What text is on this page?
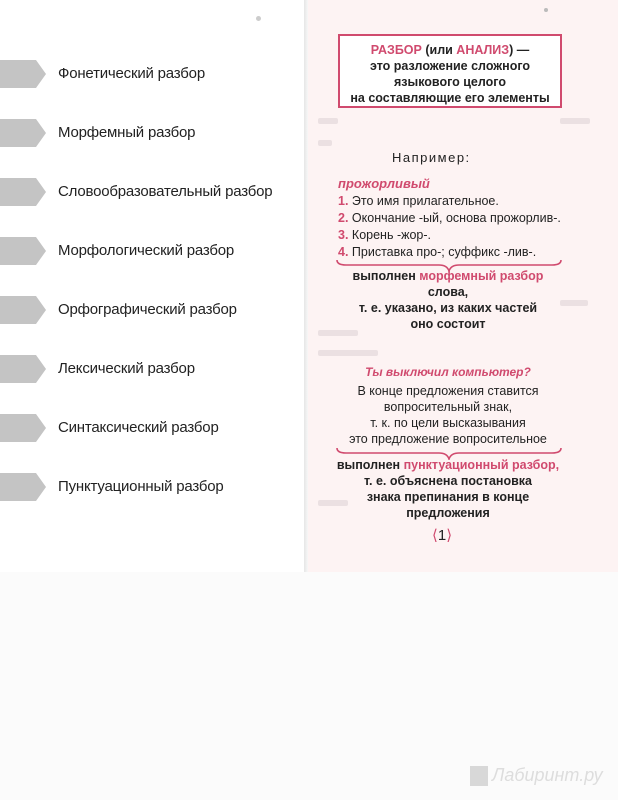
Фонетический разбор
Морфемный разбор
Словообразовательный разбор
Морфологический разбор
Орфографический разбор
Лексический разбор
Синтаксический разбор
Пунктуационный разбор
РАЗБОР (или АНАЛИЗ) —
это разложение сложного
языкового целого
на составляющие его элементы
Например:
прожорливый
1. Это имя прилагательное.
2. Окончание -ый, основа прожорлив-.
3. Корень -жор-.
4. Приставка про-; суффикс -лив-.
выполнен морфемный разбор слова,
т. е. указано, из каких частей
оно состоит
Ты выключил компьютер?
В конце предложения ставится
вопросительный знак,
т. к. по цели высказывания
это предложение вопросительное
выполнен пунктуационный разбор,
т. е. объяснена постановка
знака препинания в конце
предложения
⟨1⟩
Лабиринт.ру
